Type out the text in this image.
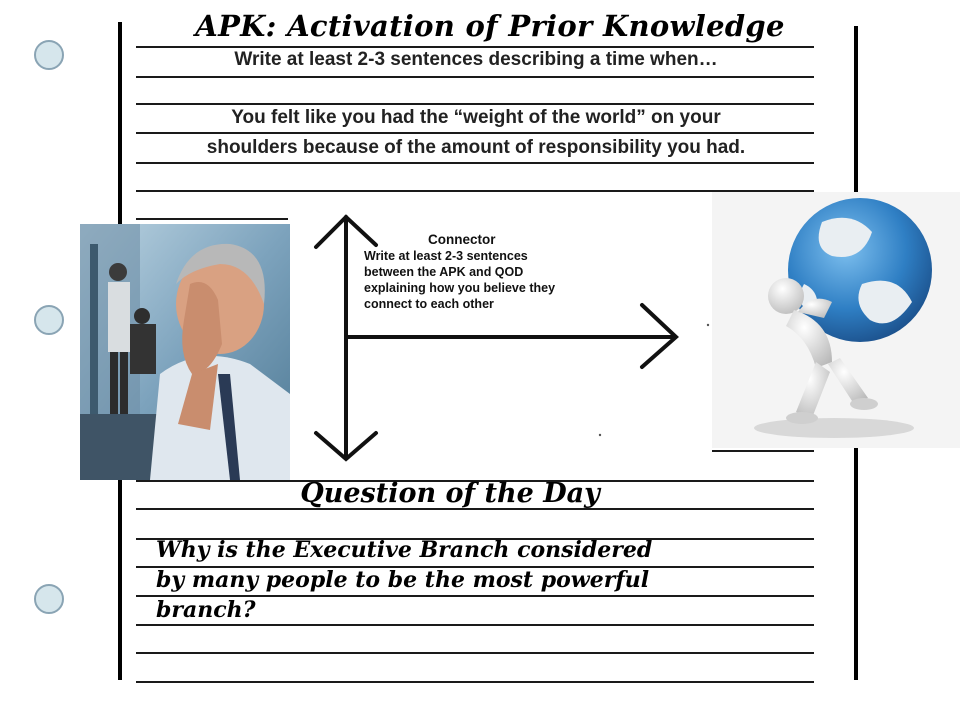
APK: Activation of Prior Knowledge
Write at least 2-3 sentences describing a time when…
You felt like you had the “weight of the world” on your
shoulders because of the amount of responsibility you had.
Connector
Write at least 2-3 sentences
between the APK and QOD
explaining how you believe they
connect to each other
Question of the Day
Why is the Executive Branch considered
by many people to be the most powerful
branch?
